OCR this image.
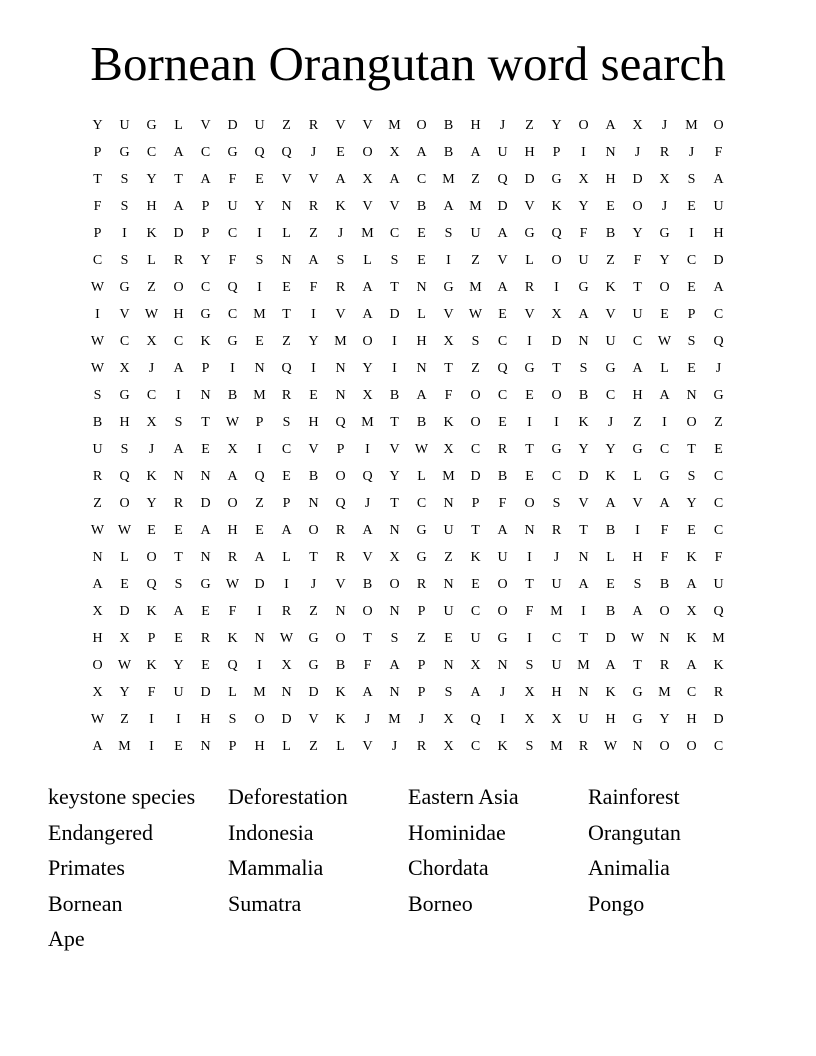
Bornean Orangutan word search
Y	U	G	L	V	D	U	Z	R	V	V	M	O	B	H	J	Z	Y	O	A	X	J	M	O
P	G	C	A	C	G	Q	Q	J	E	O	X	A	B	A	U	H	P	I	N	J	R	J	F
T	S	Y	T	A	F	E	V	V	A	X	A	C	M	Z	Q	D	G	X	H	D	X	S	A
F	S	H	A	P	U	Y	N	R	K	V	V	B	A	M	D	V	K	Y	E	O	J	E	U
P	I	K	D	P	C	I	L	Z	J	M	C	E	S	U	A	G	Q	F	B	Y	G	I	H
C	S	L	R	Y	F	S	N	A	S	L	S	E	I	Z	V	L	O	U	Z	F	Y	C	D
W	G	Z	O	C	Q	I	E	F	R	A	T	N	G	M	A	R	I	G	K	T	O	E	A
I	V	W	H	G	C	M	T	I	V	A	D	L	V	W	E	V	X	A	V	U	E	P	C
W	C	X	C	K	G	E	Z	Y	M	O	I	H	X	S	C	I	D	N	U	C	W	S	Q
W	X	J	A	P	I	N	Q	I	N	Y	I	N	T	Z	Q	G	T	S	G	A	L	E	J
S	G	C	I	N	B	M	R	E	N	X	B	A	F	O	C	E	O	B	C	H	A	N	G
B	H	X	S	T	W	P	S	H	Q	M	T	B	K	O	E	I	I	K	J	Z	I	O	Z
U	S	J	A	E	X	I	C	V	P	I	V	W	X	C	R	T	G	Y	Y	G	C	T	E
R	Q	K	N	N	A	Q	E	B	O	Q	Y	L	M	D	B	E	C	D	K	L	G	S	C
Z	O	Y	R	D	O	Z	P	N	Q	J	T	C	N	P	F	O	S	V	A	V	A	Y	C
W W	E	E	A	H	E	A	O	R	A	N	G	U	T	A	N	R	T	B	I	F	E	C
N	L	O	T	N	R	A	L	T	R	V	X	G	Z	K	U	I	J	N	L	H	F	K	F
A	E	Q	S	G	W	D	I	J	V	B	O	R	N	E	O	T	U	A	E	S	B	A	U
X	D	K	A	E	F	I	R	Z	N	O	N	P	U	C	O	F	M	I	B	A	O	X	Q
H	X	P	E	R	K	N	W	G	O	T	S	Z	E	U	G	I	C	T	D	W	N	K	M
O	W	K	Y	E	Q	I	X	G	B	F	A	P	N	X	N	S	U	M	A	T	R	A	K
X	Y	F	U	D	L	M	N	D	K	A	N	P	S	A	J	X	H	N	K	G	M	C	R
W	Z	I	I	H	S	O	D	V	K	J	M	J	X	Q	I	X	X	U	H	G	Y	H	D
A	M	I	E	N	P	H	L	Z	L	V	J	R	X	C	K	S	M	R	W	N	O	O	C
keystone species	Deforestation	Eastern Asia	Rainforest
Endangered	Indonesia	Hominidae	Orangutan
Primates	Mammalia	Chordata	Animalia
Bornean	Sumatra	Borneo	Pongo
Ape
